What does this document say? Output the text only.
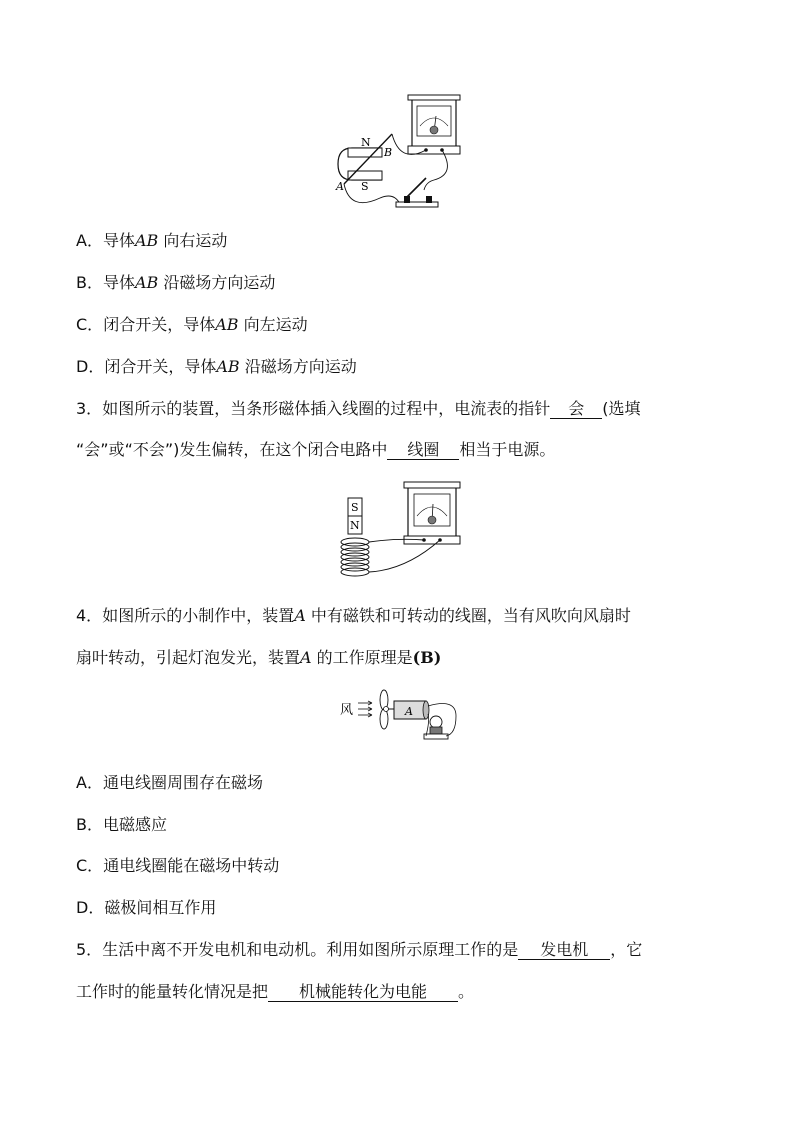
N
S
A
B
A．导体AB 向右运动
B．导体AB 沿磁场方向运动
C．闭合开关，导体AB 向左运动
D．闭合开关，导体AB 沿磁场方向运动
3．如图所示的装置，当条形磁体插入线圈的过程中，电流表的指针 会 (选填
“会”或“不会”)发生偏转，在这个闭合电路中 线圈 相当于电源。
S
N
4．如图所示的小制作中，装置A 中有磁铁和可转动的线圈，当有风吹向风扇时
扇叶转动，引起灯泡发光，装置A 的工作原理是(B)
风	A
A．通电线圈周围存在磁场
B．电磁感应
C．通电线圈能在磁场中转动
D．磁极间相互作用
5．生活中离不开发电机和电动机。利用如图所示原理工作的是 发电机 ，它
工作时的能量转化情况是把 机械能转化为电能 。
